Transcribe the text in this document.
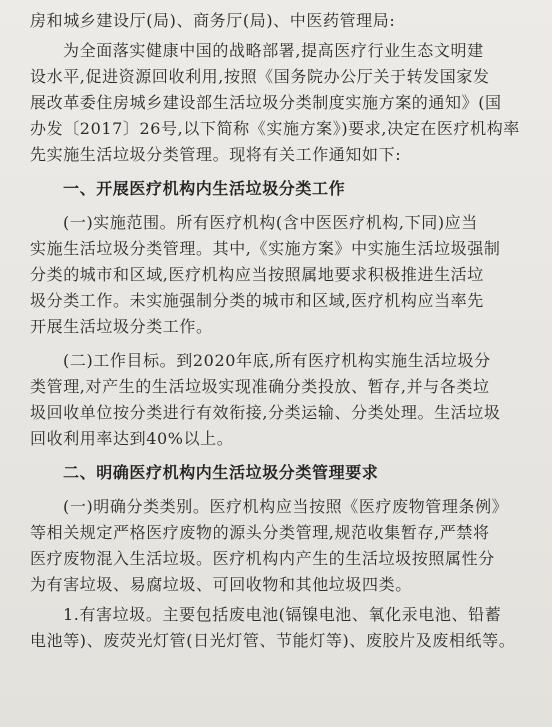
房和城乡建设厅(局)、商务厅(局)、中医药管理局:
为全面落实健康中国的战略部署,提高医疗行业生态文明建
设水平,促进资源回收利用,按照《国务院办公厅关于转发国家发
展改革委住房城乡建设部生活垃圾分类制度实施方案的通知》(国
办发〔2017〕26号,以下简称《实施方案》)要求,决定在医疗机构率
先实施生活垃圾分类管理。现将有关工作通知如下:
一、开展医疗机构内生活垃圾分类工作
(一)实施范围。所有医疗机构(含中医医疗机构,下同)应当
实施生活垃圾分类管理。其中,《实施方案》中实施生活垃圾强制
分类的城市和区域,医疗机构应当按照属地要求积极推进生活垃
圾分类工作。未实施强制分类的城市和区域,医疗机构应当率先
开展生活垃圾分类工作。
(二)工作目标。到2020年底,所有医疗机构实施生活垃圾分
类管理,对产生的生活垃圾实现准确分类投放、暂存,并与各类垃
圾回收单位按分类进行有效衔接,分类运输、分类处理。生活垃圾
回收利用率达到40%以上。
二、明确医疗机构内生活垃圾分类管理要求
(一)明确分类类别。医疗机构应当按照《医疗废物管理条例》
等相关规定严格医疗废物的源头分类管理,规范收集暂存,严禁将
医疗废物混入生活垃圾。医疗机构内产生的生活垃圾按照属性分
为有害垃圾、易腐垃圾、可回收物和其他垃圾四类。
1.有害垃圾。主要包括废电池(镉镍电池、氧化汞电池、铅蓄
电池等)、废荧光灯管(日光灯管、节能灯等)、废胶片及废相纸等。
